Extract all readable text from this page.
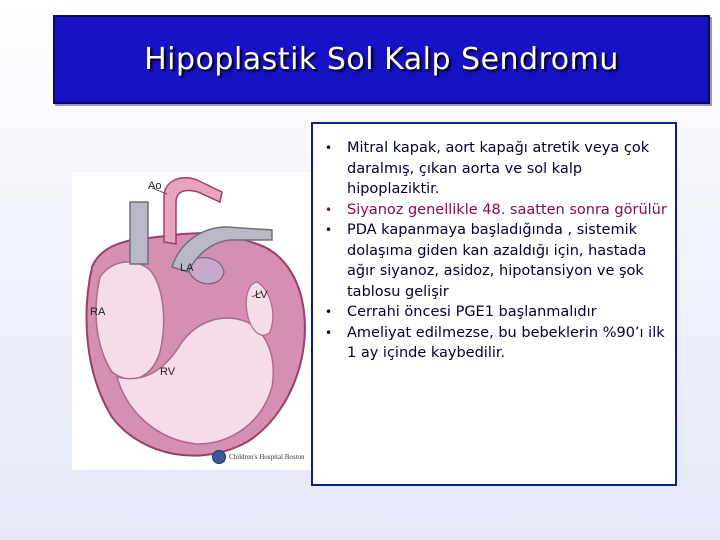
Hipoplastik Sol Kalp Sendromu
Ao
LA
LV
RA
RV
Children's Hospital Boston
• Mitral kapak, aort kapağı atretik veya çok daralmış, çıkan aorta ve sol kalp hipoplaziktir.
• Siyanoz genellikle 48. saatten sonra görülür
• PDA kapanmaya başladığında , sistemik dolaşıma giden kan azaldığı için, hastada ağır siyanoz, asidoz, hipotansiyon ve şok tablosu gelişir
• Cerrahi öncesi PGE1 başlanmalıdır
• Ameliyat edilmezse, bu bebeklerin %90’ı ilk 1 ay içinde kaybedilir.
